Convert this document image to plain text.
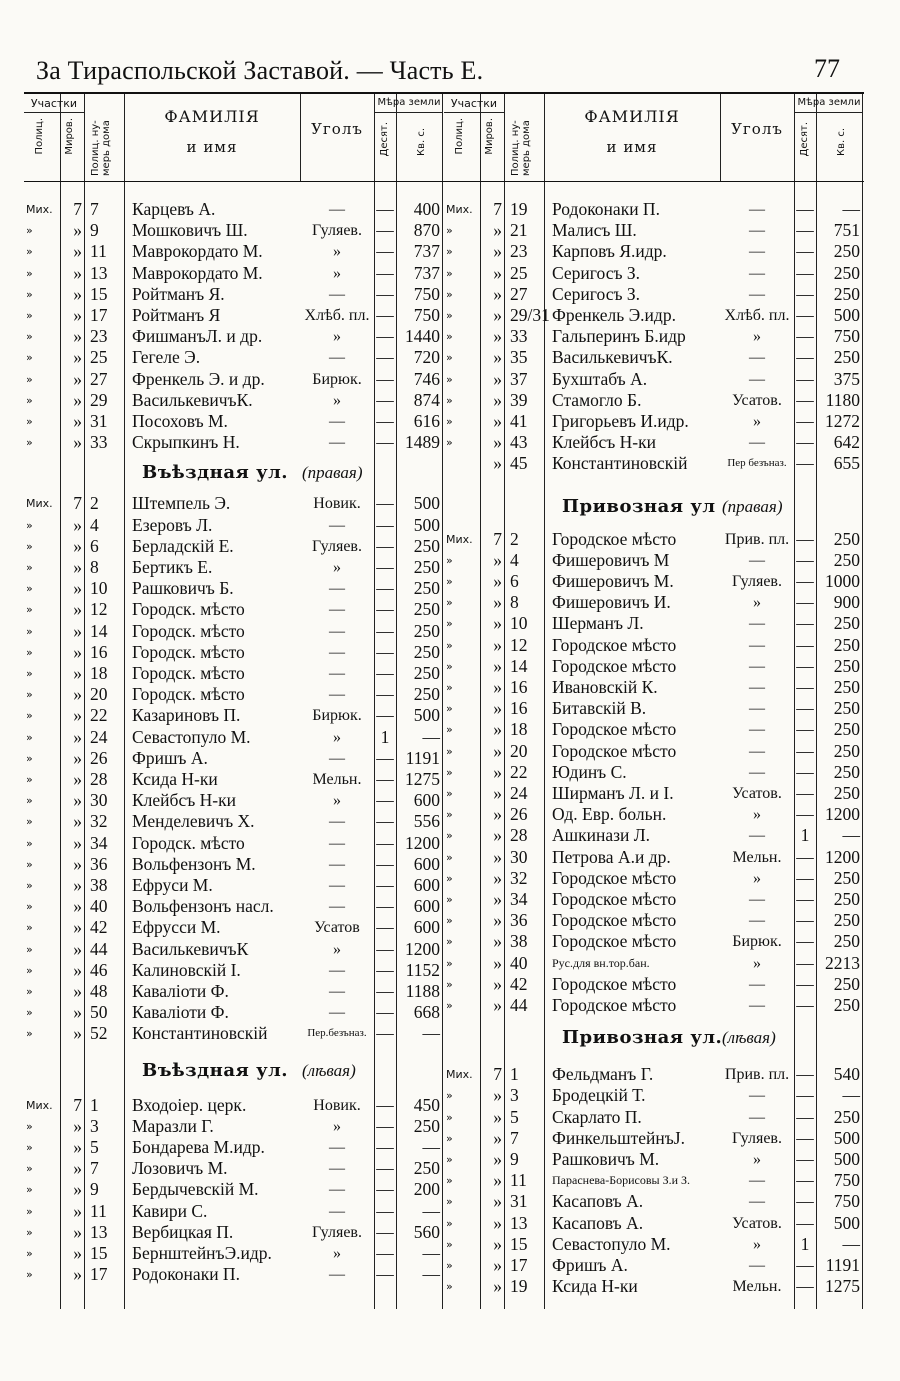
За Тираспольской Заставой. — Часть Е.	77
Участки
Полиц. Миров. Полиц. ну- мерь дома
ФАМИЛІЯ
и имя
Уголъ
Мѣра земли
Десят.	Кв. с.
Мих.	7 7	Карцевъ А.	—	—	400
»	» 9	Мошковичъ Ш.	Гуляев. —	870
»	» 11	Маврокордато М.	»	—	737
»	» 13	Маврокордато М.	»	—	737
»	» 15	Ройтманъ Я.	—	—	750
»	» 17	Ройтманъ Я	Хлѣб. пл. —	750
»	» 23	ФишманъЛ. и др.	»	— 1440
»	» 25	Гегеле Э.	—	—	720
»	» 27	Френкель Э. и др.	Бирюк. —	746
»	» 29	ВасилькевичъК.	»	—	874
»	» 31	Посоховъ М.	—	—	616
»	» 33	Скрыпкинъ Н.	—	— 1489
Въѣздная ул. (правая)
Мих.	7 2	Штемпель Э.	Новик. —	500
»	» 4	Езеровъ Л.	—	—	500
»	» 6	Берладскій Е.	Гуляев. —	250
»	» 8	Бертикъ Е.	»	—	250
»	» 10	Рашковичъ Б.	—	—	250
»	» 12	Городск. мѣсто	—	—	250
»	» 14	Городск. мѣсто	—	—	250
»	» 16	Городск. мѣсто	—	—	250
»	» 18	Городск. мѣсто	—	—	250
»	» 20	Городск. мѣсто	—	—	250
»	» 22	Казариновъ П.	Бирюк. —	500
»	» 24	Севастопуло М.	»	1	—
»	» 26	Фришъ А.	—	— 1191
»	» 28	Ксида Н-ки	Мельн. — 1275
»	» 30	Клейбсъ Н-ки	»	—	600
»	» 32	Менделевичъ Х.	—	—	556
»	» 34	Городск. мѣсто	—	— 1200
»	» 36	Вольфензонъ М.	—	—	600
»	» 38	Ефруси М.	—	—	600
»	» 40	Вольфензонъ насл.	—	—	600
»	» 42	Ефрусси М.	Усатов —	600
»	» 44	ВасилькевичъК	»	— 1200
»	» 46	Калиновскій І.	—	— 1152
»	» 48	Каваліоти Ф.	—	— 1188
»	» 50	Каваліоти Ф.	—	—	668
»	» 52	Константиновскій	Пер.безъназ. —	—
Въѣздная ул. (лѣвая)
Мих.	7 1	Входоіер. церк.	Новик. —	450
»	» 3	Маразли Г.	»	—	250
»	» 5	Бондарева М.идр.	—	—	—
»	» 7	Лозовичъ М.	—	—	250
»	» 9	Бердычевскій М.	—	—	200
»	» 11	Кавири С.	—	—	—
»	» 13	Вербицкая П.	Гуляев. —	560
»	» 15	БернштейнъЭ.идр.	»	—	—
»	» 17	Родоконаки П.	—	—	—
Участки
Полиц. Миров. Полиц. ну- мерь дома
ФАМИЛІЯ
и имя
Уголъ
Мѣра земли
Десят.	Кв. с.
Мих.	7 19	Родоконаки П.	—	—	—
»	» 21	Малисъ Ш.	—	—	751
»	» 23	Карповъ Я.идр.	—	—	250
»	» 25	Серигосъ З.	—	—	250
»	» 27	Серигосъ З.	—	—	250
»	» 29/31 Френкель Э.идр.	Хлѣб. пл. —	500
»	» 33	Гальперинъ Б.идр	»	—	750
»	» 35	ВасилькевичъК.	—	—	250
»	» 37	Бухштабъ А.	—	—	375
»	» 39	Стамогло Б.	Усатов. — 1180
»	» 41	Григорьевъ И.идр.	»	— 1272
»	» 43	Клейбсъ Н-ки	—	—	642
» 45	Константиновскій	Пер безъназ. —	655
Привозная ул (правая)
Мих.	7 2	Городское мѣсто	Прив. пл. —	250
»	» 4	Фишеровичъ М	—	—	250
»	» 6	Фишеровичъ М.	Гуляев. — 1000
»	» 8	Фишеровичъ И.	»	—	900
»	» 10	Шерманъ Л.	—	—	250
»	» 12	Городское мѣсто	—	—	250
»	» 14	Городское мѣсто	—	—	250
»	» 16	Ивановскій К.	—	—	250
»	» 16	Битавскій В.	—	—	250
»	» 18	Городское мѣсто	—	—	250
»	» 20	Городское мѣсто	—	—	250
»	» 22	Юдинъ С.	—	—	250
»	» 24	Ширманъ Л. и І.	Усатов. —	250
»	» 26	Од. Евр. больн.	»	— 1200
»	» 28	Ашкинази Л.	—	1	—
»	» 30	Петрова А.и др.	Мельн. — 1200
»	» 32	Городское мѣсто	»	—	250
»	» 34	Городское мѣсто	—	—	250
»	» 36	Городское мѣсто	—	—	250
»	» 38	Городское мѣсто	Бирюк. —	250
»	» 40	Рус.для вн.тор.бан.	»	— 2213
»	» 42	Городское мѣсто	—	—	250
»	» 44	Городское мѣсто	—	—	250
Привозная ул. (лѣвая)
Мих.	7 1	Фельдманъ Г.	Прив. пл. —	540
»	» 3	Бродецкій Т.	—	—	—
»	» 5	Скарлато П.	—	—	250
»	» 7	ФинкельштейнъЈ.	Гуляев. —	500
»	» 9	Рашковичъ М.	»	—	500
»	» 11	Параснева-Борисовы З.и З.	—	—	750
»	» 31	Касаповъ А.	—	—	750
»	» 13	Касаповъ А.	Усатов. —	500
»	» 15	Севастопуло М.	»	1	—
»	» 17	Фришъ А.	—	— 1191
»	» 19	Ксида Н-ки	Мельн. — 1275
